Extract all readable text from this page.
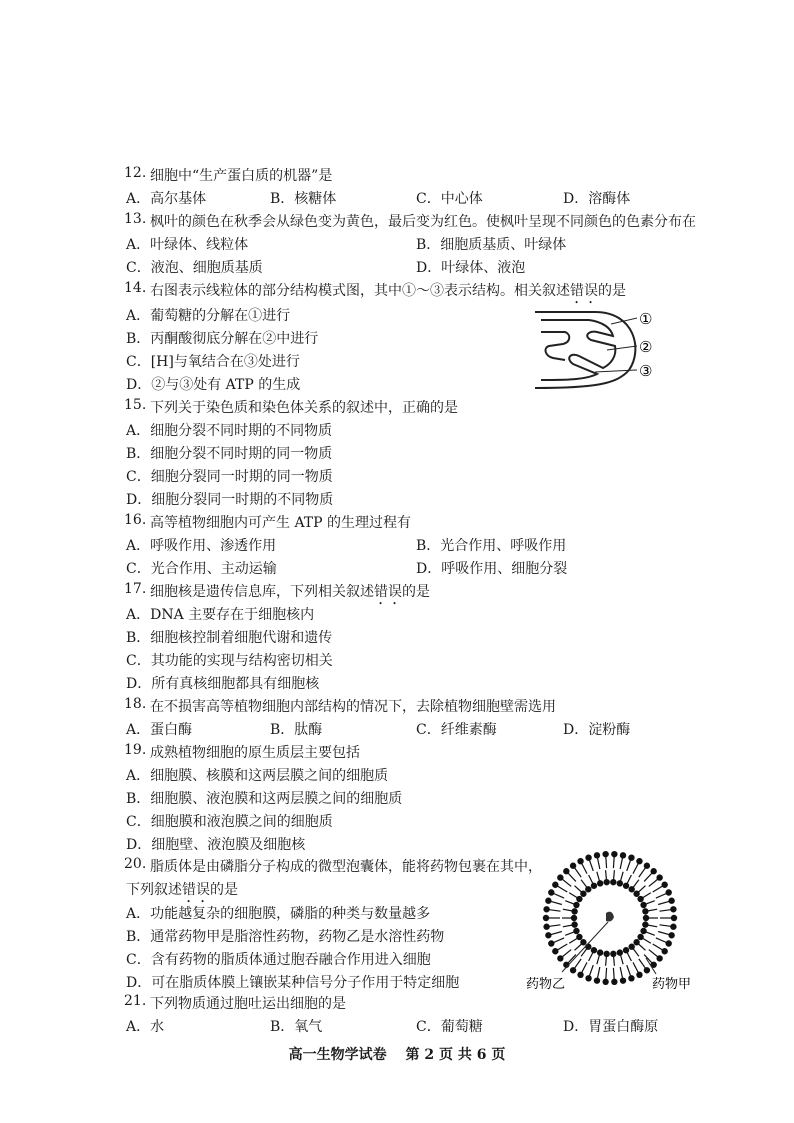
12. 细胞中“生产蛋白质的机器”是
A．高尔基体	B．核糖体	C．中心体	D．溶酶体
13. 枫叶的颜色在秋季会从绿色变为黄色，最后变为红色。使枫叶呈现不同颜色的色素分布在
A．叶绿体、线粒体	B．细胞质基质、叶绿体
C．液泡、细胞质基质	D．叶绿体、液泡
14. 右图表示线粒体的部分结构模式图，其中①～③表示结构。相关叙述错误的是
A．葡萄糖的分解在①进行
B．丙酮酸彻底分解在②中进行
C．[H]与氧结合在③处进行
D．②与③处有 ATP 的生成
①
②
③
15. 下列关于染色质和染色体关系的叙述中，正确的是
A．细胞分裂不同时期的不同物质
B．细胞分裂不同时期的同一物质
C．细胞分裂同一时期的同一物质
D．细胞分裂同一时期的不同物质
16. 高等植物细胞内可产生 ATP 的生理过程有
A．呼吸作用、渗透作用	B．光合作用、呼吸作用
C．光合作用、主动运输	D．呼吸作用、细胞分裂
17. 细胞核是遗传信息库，下列相关叙述错误的是
A．DNA 主要存在于细胞核内
B．细胞核控制着细胞代谢和遗传
C．其功能的实现与结构密切相关
D．所有真核细胞都具有细胞核
18. 在不损害高等植物细胞内部结构的情况下，去除植物细胞壁需选用
A．蛋白酶	B．肽酶	C．纤维素酶	D．淀粉酶
19. 成熟植物细胞的原生质层主要包括
A．细胞膜、核膜和这两层膜之间的细胞质
B．细胞膜、液泡膜和这两层膜之间的细胞质
C．细胞膜和液泡膜之间的细胞质
D．细胞壁、液泡膜及细胞核
20. 脂质体是由磷脂分子构成的微型泡囊体，能将药物包裹在其中，
下列叙述错误的是
A．功能越复杂的细胞膜，磷脂的种类与数量越多
B．通常药物甲是脂溶性药物，药物乙是水溶性药物
C．含有药物的脂质体通过胞吞融合作用进入细胞
D．可在脂质体膜上镶嵌某种信号分子作用于特定细胞	药物乙	药物甲
21. 下列物质通过胞吐运出细胞的是
A．水	B．氧气	C．葡萄糖	D．胃蛋白酶原
高一生物学试卷　 第 2 页 共 6 页
